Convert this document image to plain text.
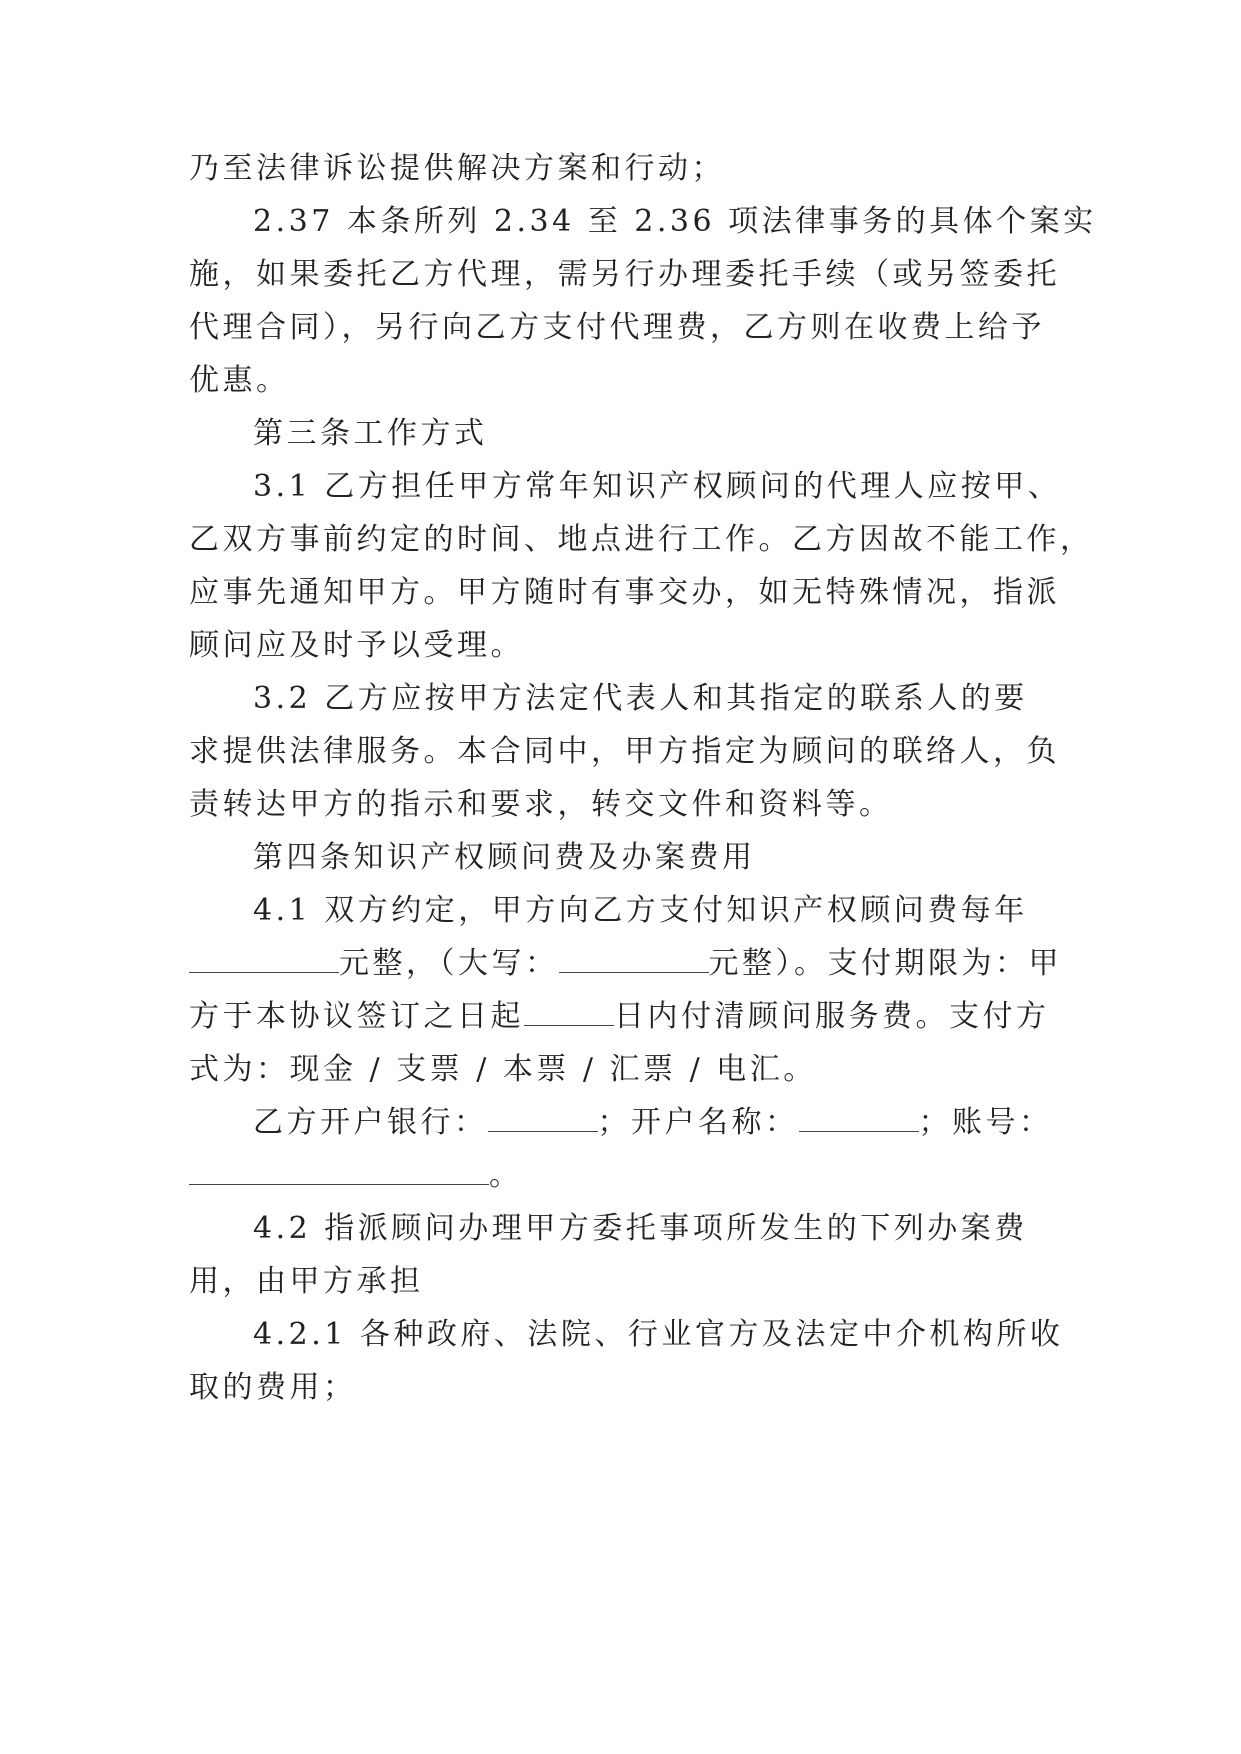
乃至法律诉讼提供解决方案和行动；
2.37 本条所列 2.34 至 2.36 项法律事务的具体个案实
施，如果委托乙方代理，需另行办理委托手续（或另签委托
代理合同），另行向乙方支付代理费，乙方则在收费上给予
优惠。
第三条工作方式
3.1 乙方担任甲方常年知识产权顾问的代理人应按甲、
乙双方事前约定的时间、地点进行工作。乙方因故不能工作，
应事先通知甲方。甲方随时有事交办，如无特殊情况，指派
顾问应及时予以受理。
3.2 乙方应按甲方法定代表人和其指定的联系人的要
求提供法律服务。本合同中，甲方指定为顾问的联络人，负
责转达甲方的指示和要求，转交文件和资料等。
第四条知识产权顾问费及办案费用
4.1 双方约定，甲方向乙方支付知识产权顾问费每年
元整，（大写：	元整）。支付期限为：甲
方于本协议签订之日起	日内付清顾问服务费。支付方
式为：现金 / 支票 / 本票 / 汇票 / 电汇。
乙方开户银行：	；开户名称：	；账号：
。
4.2 指派顾问办理甲方委托事项所发生的下列办案费
用，由甲方承担
4.2.1 各种政府、法院、行业官方及法定中介机构所收
取的费用；
